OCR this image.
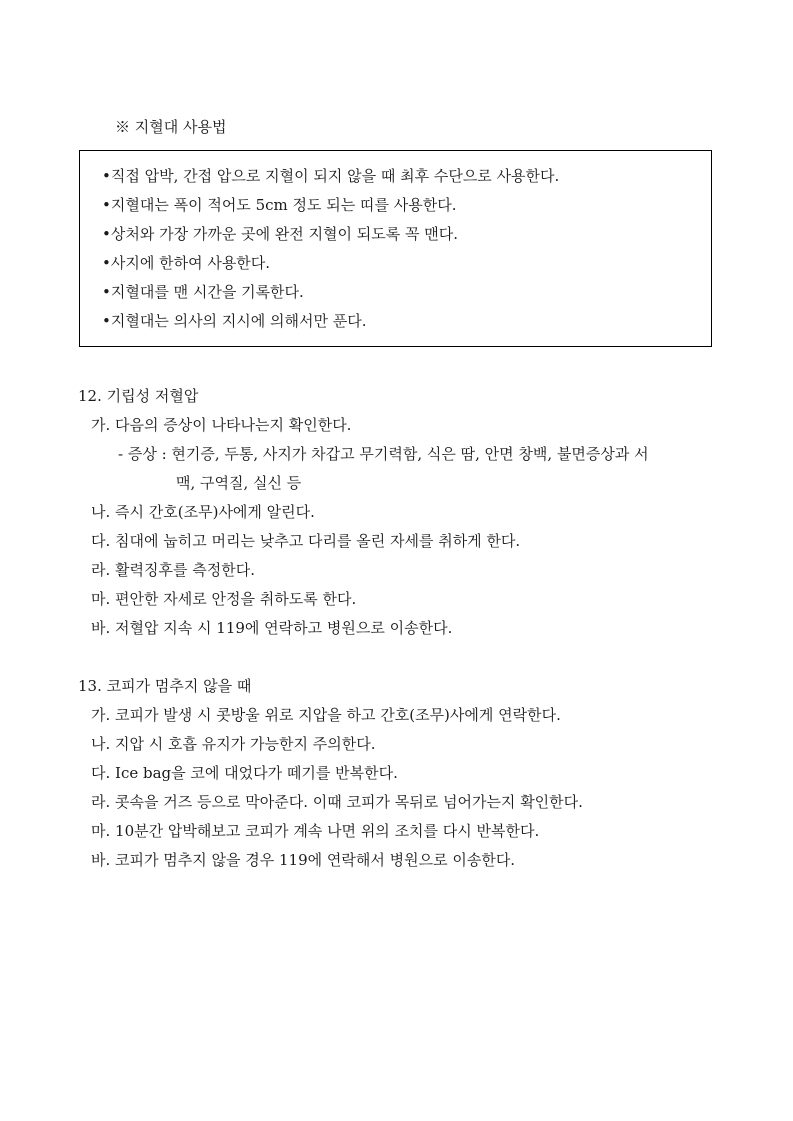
※ 지혈대 사용법
•직접 압박, 간접 압으로 지혈이 되지 않을 때 최후 수단으로 사용한다.
•지혈대는 폭이 적어도 5cm 정도 되는 띠를 사용한다.
•상처와 가장 가까운 곳에 완전 지혈이 되도록 꼭 맨다.
•사지에 한하여 사용한다.
•지혈대를 맨 시간을 기록한다.
•지혈대는 의사의 지시에 의해서만 푼다.
12. 기립성 저혈압
가. 다음의 증상이 나타나는지 확인한다.
- 증상 : 현기증, 두통, 사지가 차갑고 무기력함, 식은 땀, 안면 창백, 불면증상과 서
맥, 구역질, 실신 등
나. 즉시 간호(조무)사에게 알린다.
다. 침대에 눕히고 머리는 낮추고 다리를 올린 자세를 취하게 한다.
라. 활력징후를 측정한다.
마. 편안한 자세로 안정을 취하도록 한다.
바. 저혈압 지속 시 119에 연락하고 병원으로 이송한다.
13. 코피가 멈추지 않을 때
가. 코피가 발생 시 콧방울 위로 지압을 하고 간호(조무)사에게 연락한다.
나. 지압 시 호흡 유지가 가능한지 주의한다.
다. Ice bag을 코에 대었다가 떼기를 반복한다.
라. 콧속을 거즈 등으로 막아준다. 이때 코피가 목뒤로 넘어가는지 확인한다.
마. 10분간 압박해보고 코피가 계속 나면 위의 조치를 다시 반복한다.
바. 코피가 멈추지 않을 경우 119에 연락해서 병원으로 이송한다.
